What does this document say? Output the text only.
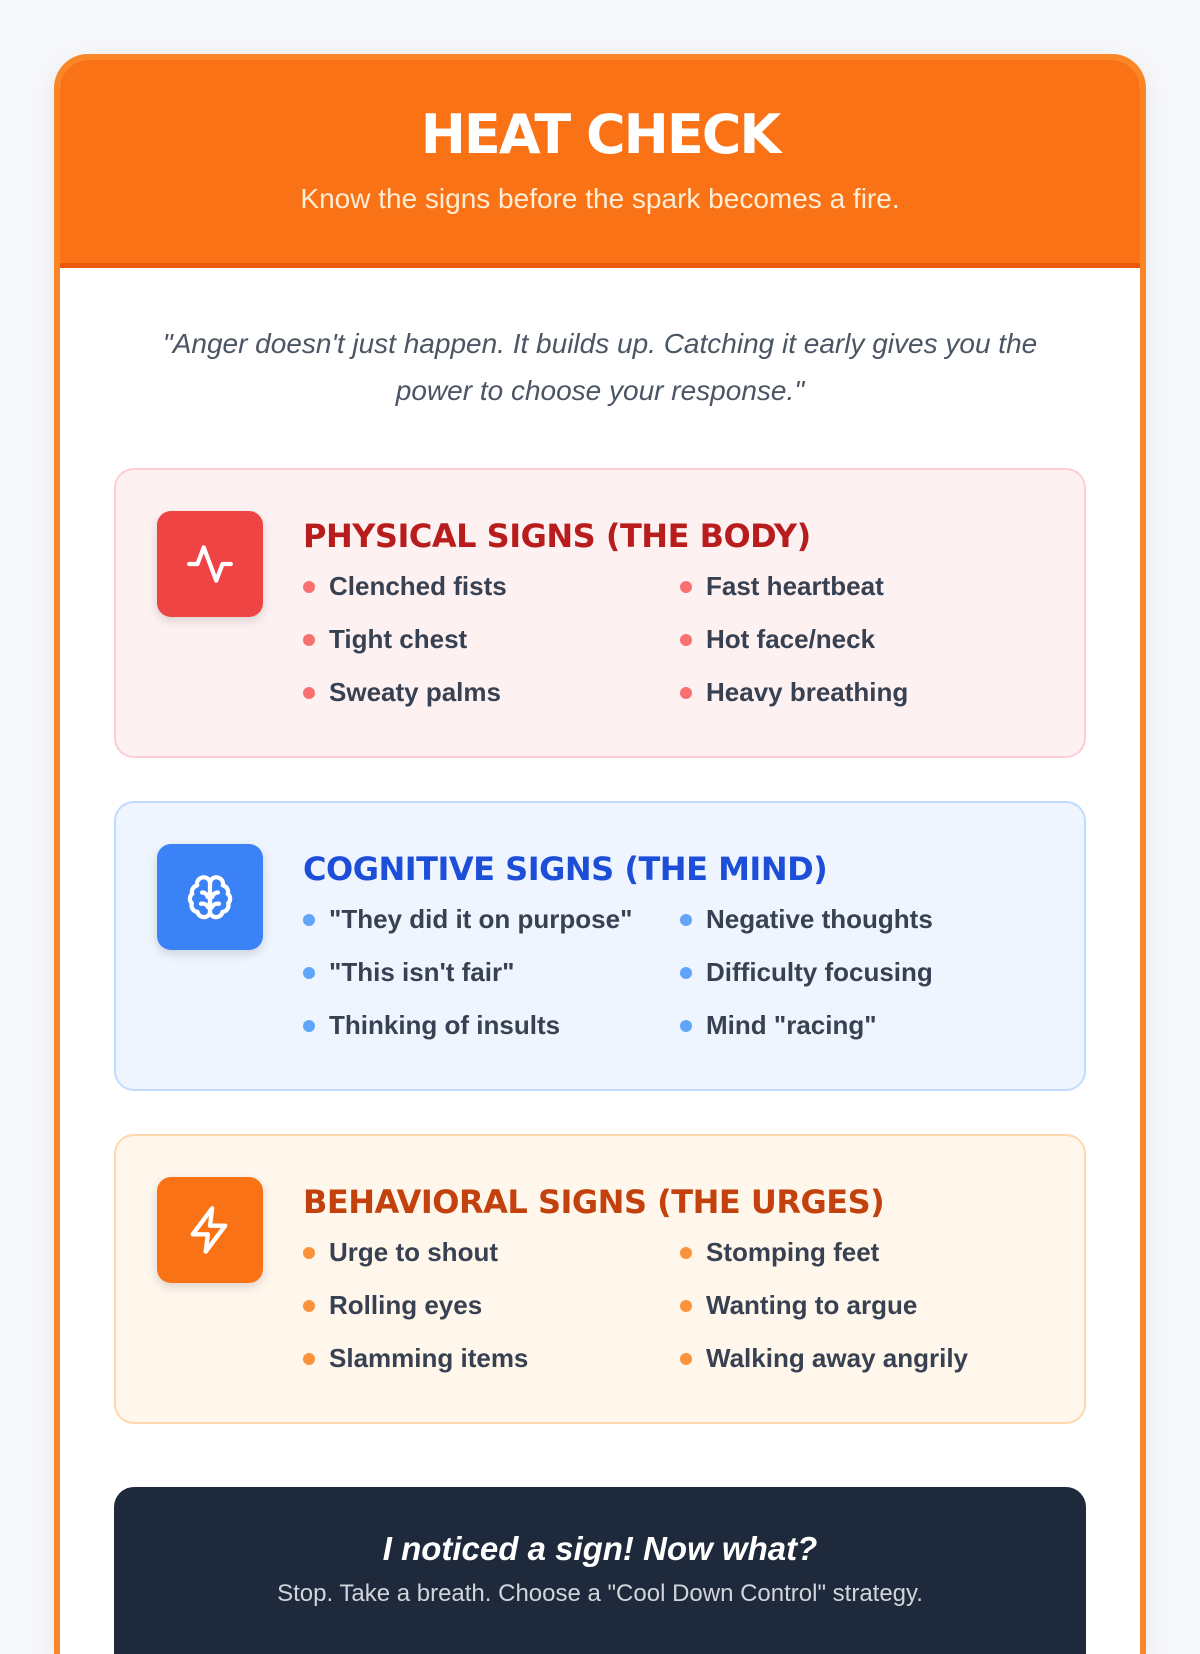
HEAT CHECK
Know the signs before the spark becomes a fire.
"Anger doesn't just happen. It builds up. Catching it early gives you the power to choose your response."
PHYSICAL SIGNS (THE BODY)
Clenched fists	Fast heartbeat
Tight chest	Hot face/neck
Sweaty palms	Heavy breathing
COGNITIVE SIGNS (THE MIND)
"They did it on purpose"	Negative thoughts
"This isn't fair"	Difficulty focusing
Thinking of insults	Mind "racing"
BEHAVIORAL SIGNS (THE URGES)
Urge to shout	Stomping feet
Rolling eyes	Wanting to argue
Slamming items	Walking away angrily
I noticed a sign! Now what?
Stop. Take a breath. Choose a "Cool Down Control" strategy.
